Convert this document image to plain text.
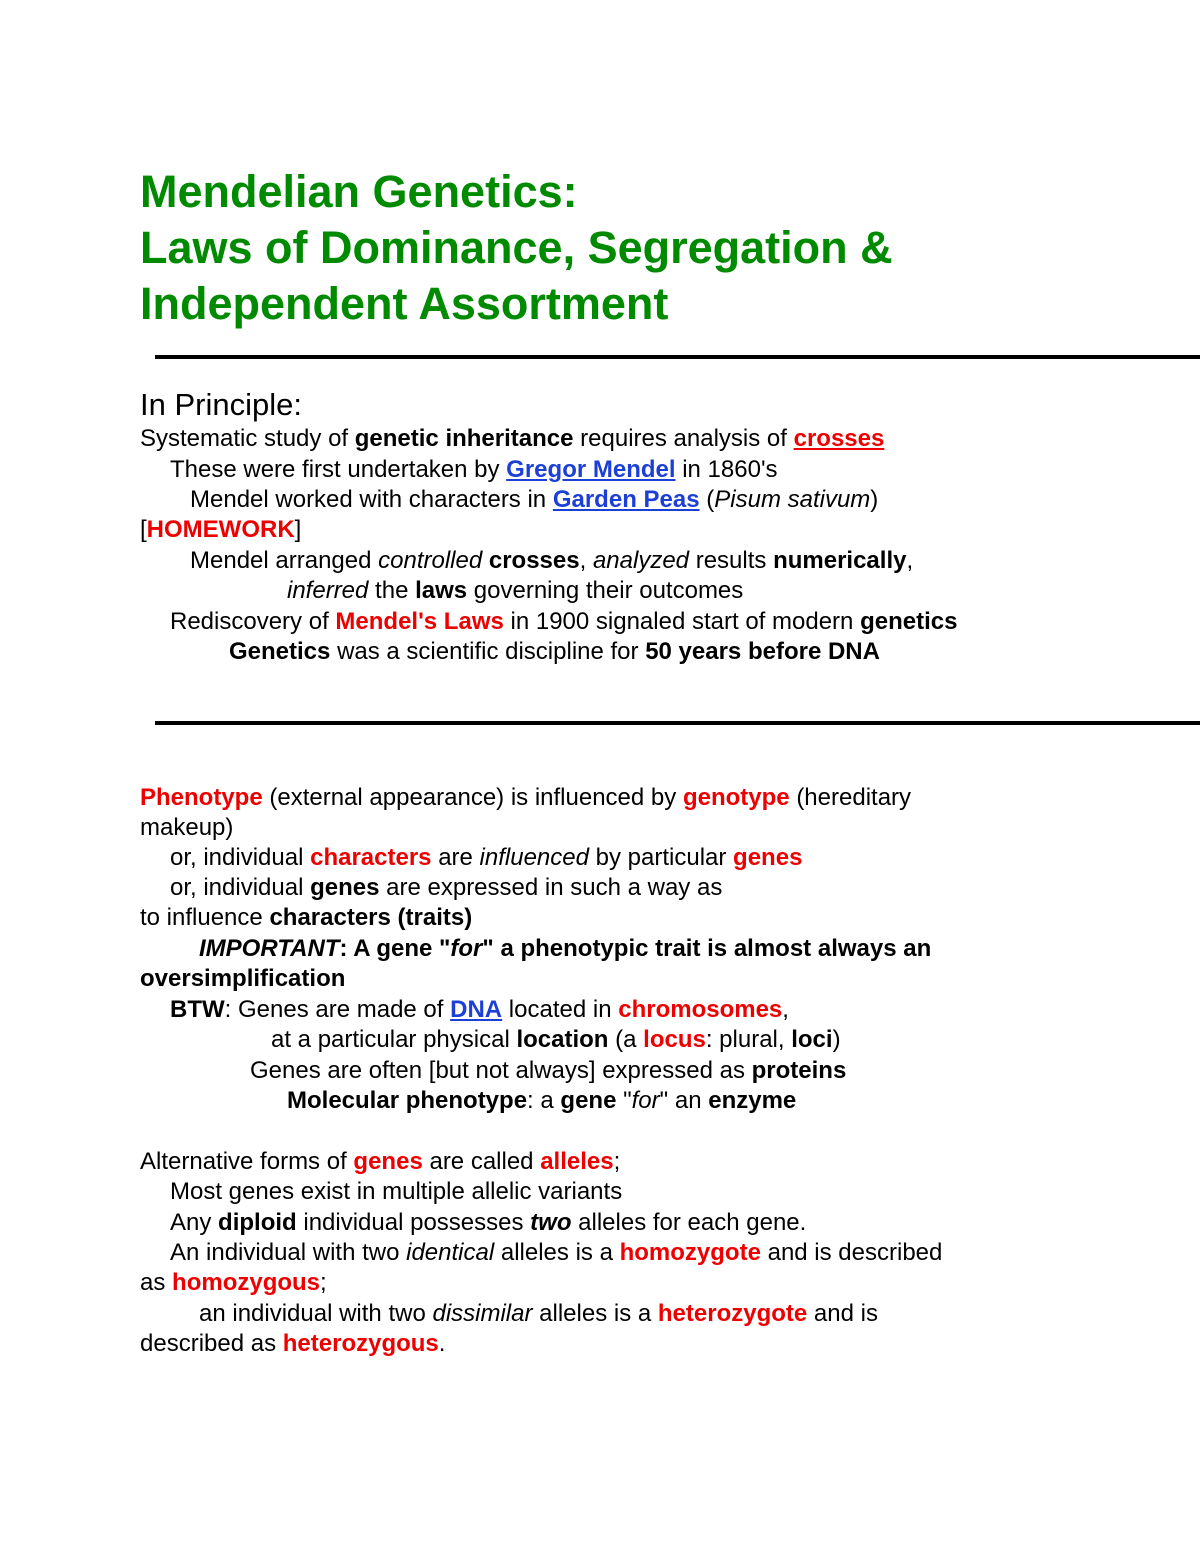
Mendelian Genetics:
Laws of Dominance, Segregation &
Independent Assortment
In Principle:
Systematic study of genetic inheritance requires analysis of crosses
These were first undertaken by Gregor Mendel in 1860's
Mendel worked with characters in Garden Peas (Pisum sativum)
[HOMEWORK]
Mendel arranged controlled crosses, analyzed results numerically,
inferred the laws governing their outcomes
Rediscovery of Mendel's Laws in 1900 signaled start of modern genetics
Genetics was a scientific discipline for 50 years before DNA
Phenotype (external appearance) is influenced by genotype (hereditary
makeup)
or, individual characters are influenced by particular genes
or, individual genes are expressed in such a way as
to influence characters (traits)
IMPORTANT: A gene "for" a phenotypic trait is almost always an
oversimplification
BTW: Genes are made of DNA located in chromosomes,
at a particular physical location (a locus: plural, loci)
Genes are often [but not always] expressed as proteins
Molecular phenotype: a gene "for" an enzyme
Alternative forms of genes are called alleles;
Most genes exist in multiple allelic variants
Any diploid individual possesses two alleles for each gene.
An individual with two identical alleles is a homozygote and is described
as homozygous;
an individual with two dissimilar alleles is a heterozygote and is
described as heterozygous.
